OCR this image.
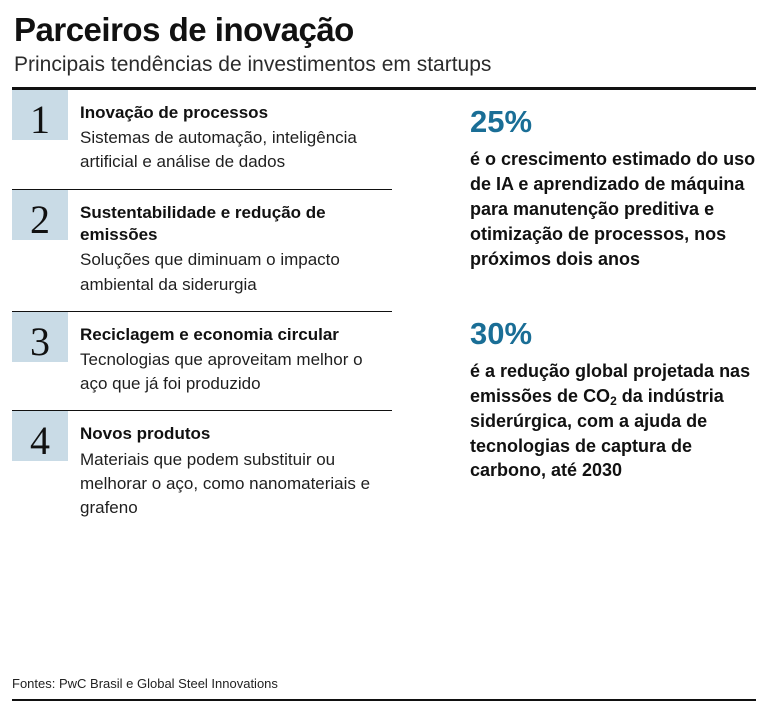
Parceiros de inovação
Principais tendências de investimentos em startups
1	Inovação de processos
Sistemas de automação, inteligência artificial e análise de dados
2	Sustentabilidade e redução de emissões
Soluções que diminuam o impacto ambiental da siderurgia
3	Reciclagem e economia circular
Tecnologias que aproveitam melhor o aço que já foi produzido
4	Novos produtos
Materiais que podem substituir ou melhorar o aço, como nanomateriais e grafeno
25%
é o crescimento estimado do uso de IA e aprendizado de máquina para manutenção preditiva e otimização de processos, nos próximos dois anos
30%
é a redução global projetada nas emissões de $CO_2$ da indústria siderúrgica, com a ajuda de tecnologias de captura de carbono, até 2030
Fontes: PwC Brasil e Global Steel Innovations
